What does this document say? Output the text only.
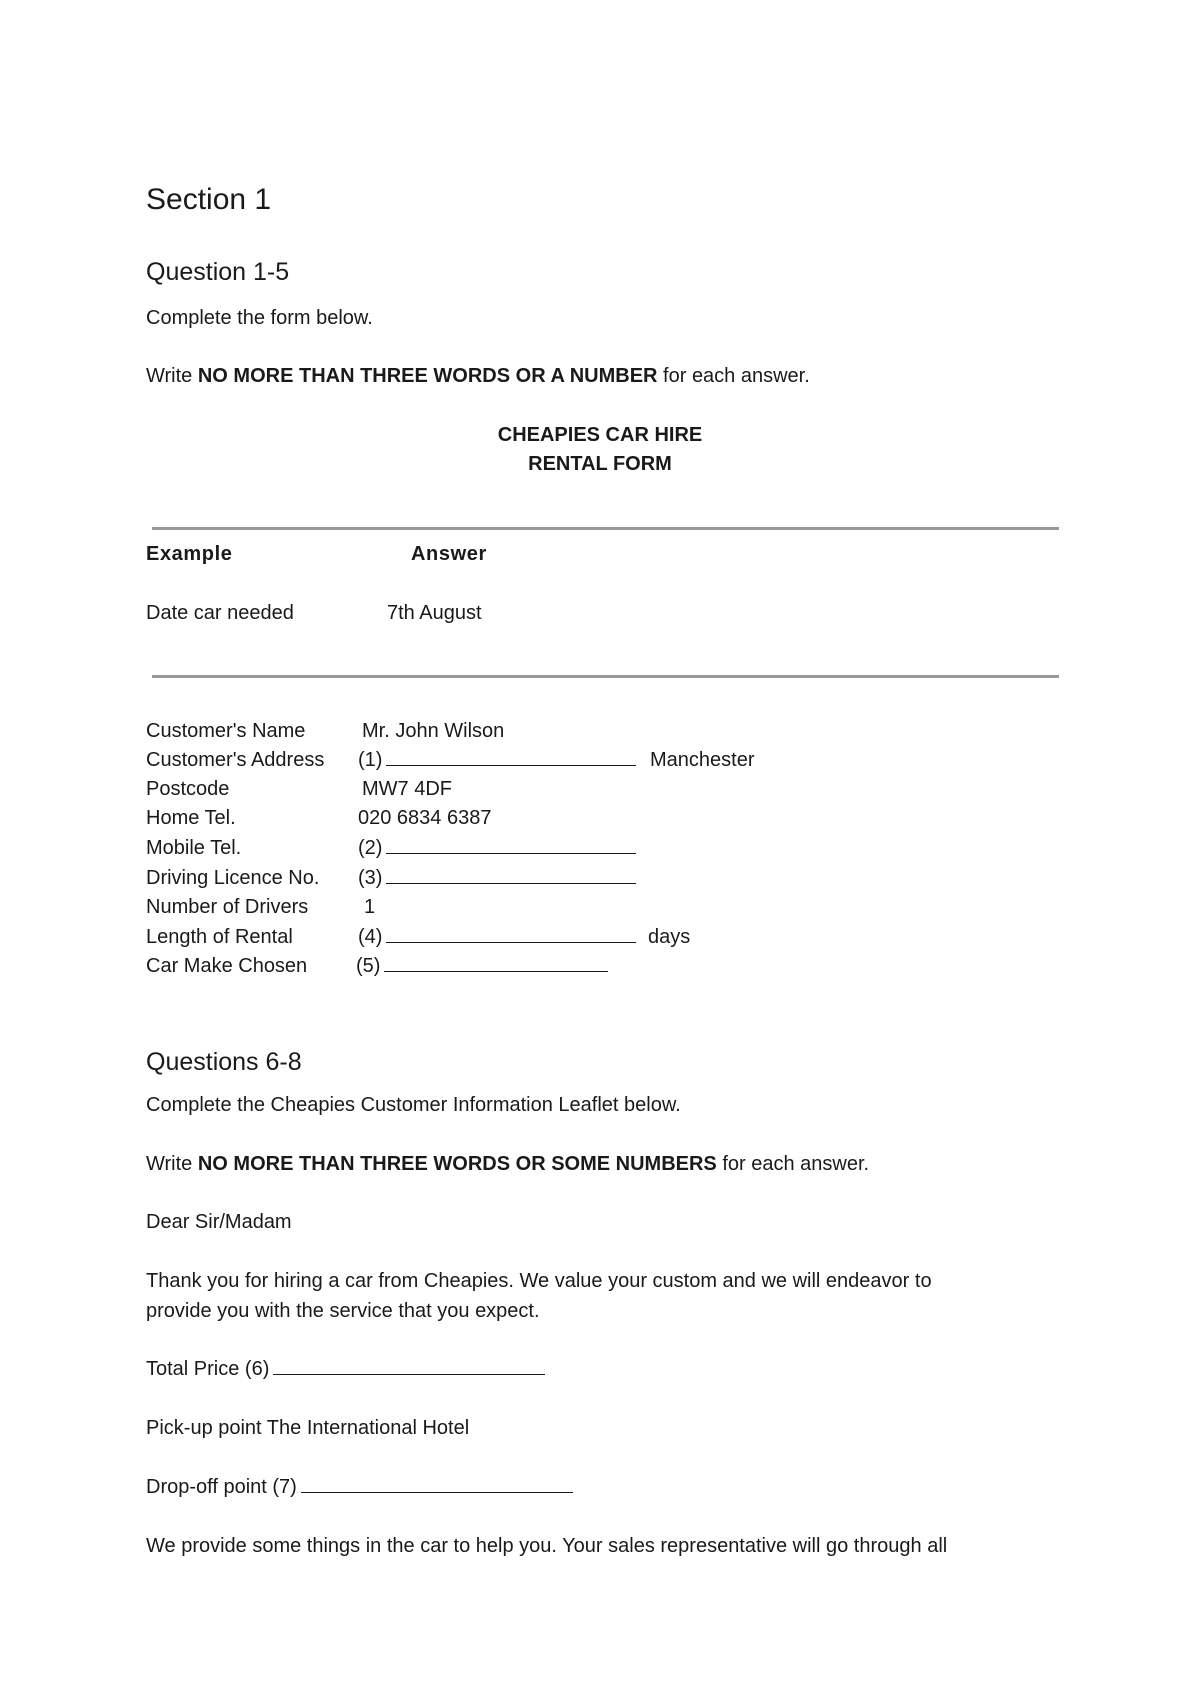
Section 1
Question 1-5
Complete the form below.
Write NO MORE THAN THREE WORDS OR A NUMBER for each answer.
CHEAPIES CAR HIRE
RENTAL FORM
Example	Answer
Date car needed	7th August
Customer's Name	Mr. John Wilson
Customer's Address (1)	Manchester
Postcode	MW7 4DF
Home Tel.	020 6834 6387
Mobile Tel.	(2)
Driving Licence No. (3)
Number of Drivers	1
Length of Rental	(4)	days
Car Make Chosen (5)
Questions 6-8
Complete the Cheapies Customer Information Leaflet below.
Write NO MORE THAN THREE WORDS OR SOME NUMBERS for each answer.
Dear Sir/Madam
Thank you for hiring a car from Cheapies. We value your custom and we will endeavor to
provide you with the service that you expect.
Total Price (6)
Pick-up point The International Hotel
Drop-off point (7)
We provide some things in the car to help you. Your sales representative will go through all
